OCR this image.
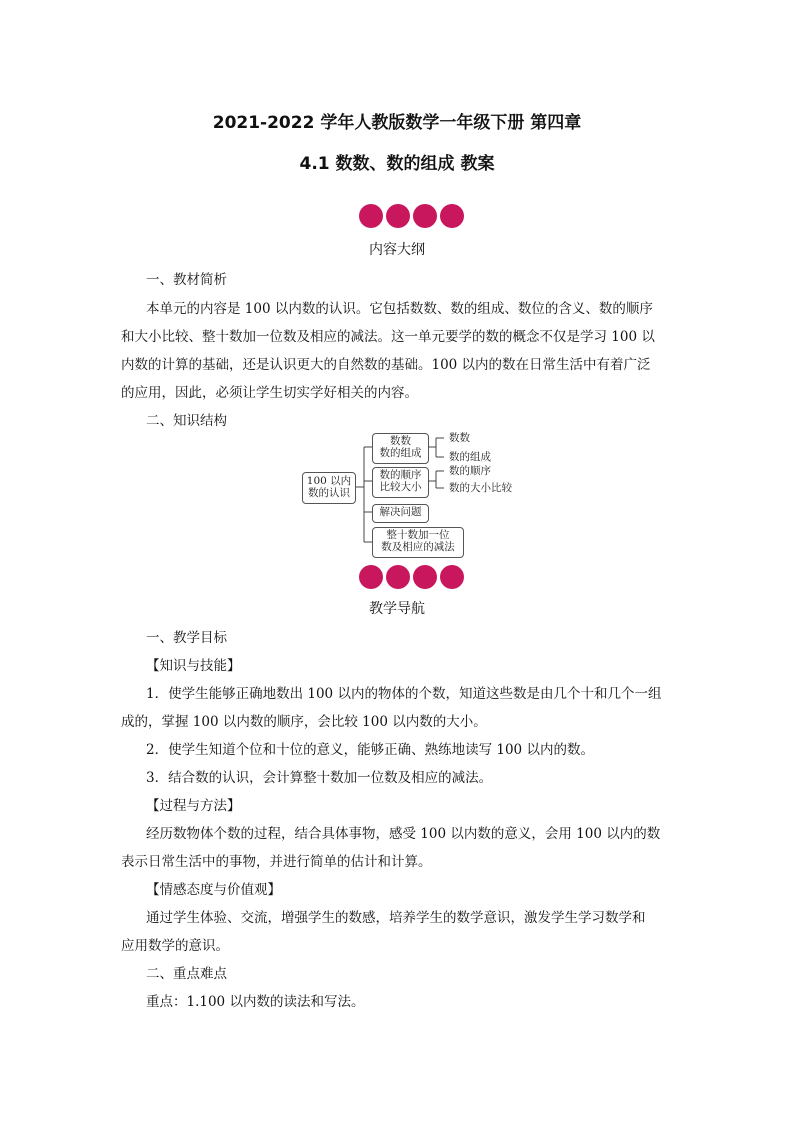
2021-2022 学年人教版数学一年级下册 第四章
4.1 数数、数的组成 教案
内容大纲
一、教材简析
本单元的内容是 100 以内数的认识。它包括数数、数的组成、数位的含义、数的顺序
和大小比较、整十数加一位数及相应的减法。这一单元要学的数的概念不仅是学习 100 以
内数的计算的基础，还是认识更大的自然数的基础。100 以内的数在日常生活中有着广泛
的应用，因此，必须让学生切实学好相关的内容。
二、知识结构
100 以内
数的认识
数数
数的组成
数的顺序
比较大小
解决问题
整十数加一位
数及相应的减法
数数
数的组成
数的顺序
数的大小比较
教学导航
一、教学目标
【知识与技能】
1．使学生能够正确地数出 100 以内的物体的个数，知道这些数是由几个十和几个一组
成的，掌握 100 以内数的顺序，会比较 100 以内数的大小。
2．使学生知道个位和十位的意义，能够正确、熟练地读写 100 以内的数。
3．结合数的认识，会计算整十数加一位数及相应的减法。
【过程与方法】
经历数物体个数的过程，结合具体事物，感受 100 以内数的意义，会用 100 以内的数
表示日常生活中的事物，并进行简单的估计和计算。
【情感态度与价值观】
通过学生体验、交流，增强学生的数感，培养学生的数学意识，激发学生学习数学和
应用数学的意识。
二、重点难点
重点：1.100 以内数的读法和写法。
